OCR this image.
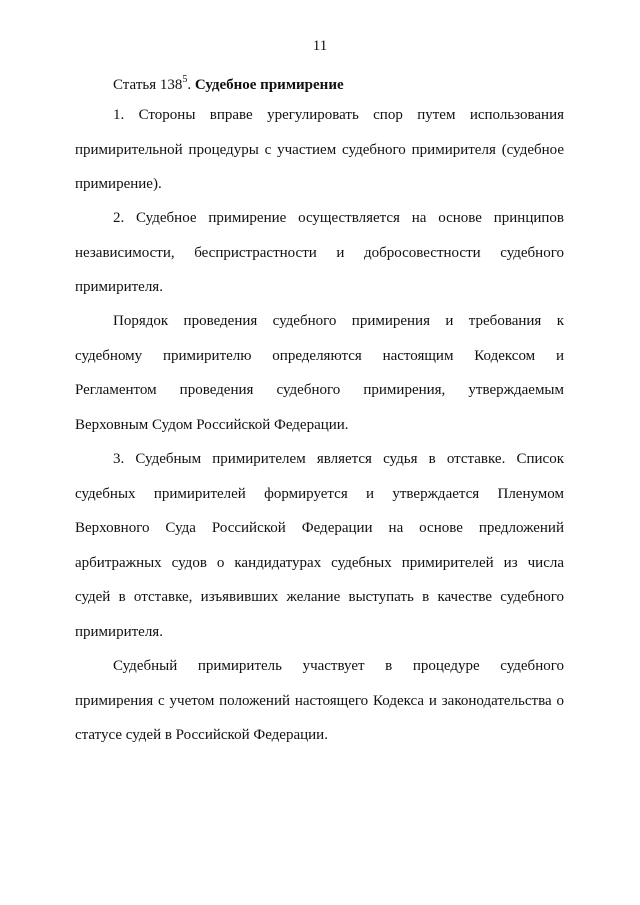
11
Статья $138^5$. Судебное примирение
1. Стороны вправе урегулировать спор путем использования
примирительной процедуры с участием судебного примирителя (судебное
примирение).
2. Судебное примирение осуществляется на основе принципов
независимости, беспристрастности и добросовестности судебного
примирителя.
Порядок проведения судебного примирения и требования к
судебному примирителю определяются настоящим Кодексом и
Регламентом проведения судебного примирения, утверждаемым
Верховным Судом Российской Федерации.
3. Судебным примирителем является судья в отставке. Список
судебных примирителей формируется и утверждается Пленумом
Верховного Суда Российской Федерации на основе предложений
арбитражных судов о кандидатурах судебных примирителей из числа
судей в отставке, изъявивших желание выступать в качестве судебного
примирителя.
Судебный примиритель участвует в процедуре судебного
примирения с учетом положений настоящего Кодекса и законодательства о
статусе судей в Российской Федерации.
